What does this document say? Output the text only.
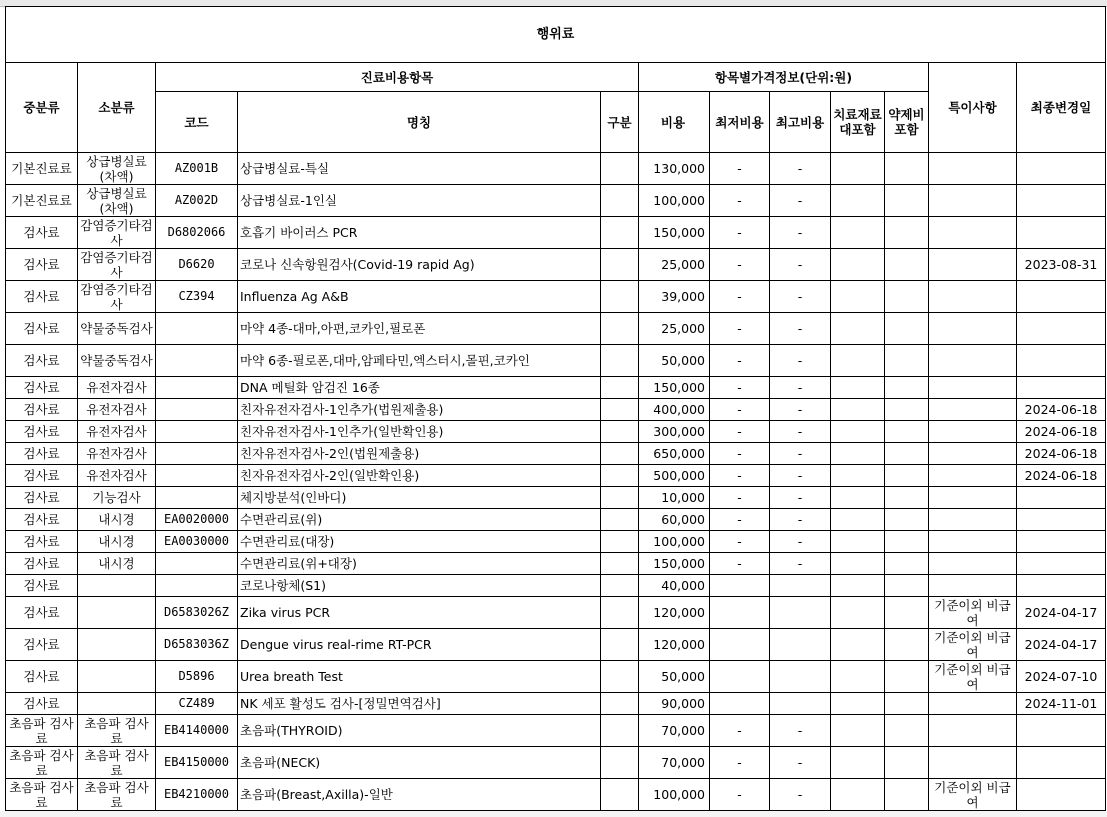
행위료											
중분류	소분류	진료비용항목			항목별가격정보(단위:원)					특이사항	최종변경일
		코드	명칭	구분	비용	최저비용	최고비용	치료재료대포함	약제비포함		
기본진료료	상급병실료(차액)	AZ001B	상급병실료-특실		130,000	-	-				
기본진료료	상급병실료(차액)	AZ002D	상급병실료-1인실		100,000	-	-				
검사료	감염증기타검사	D6802066	호흡기 바이러스 PCR		150,000	-	-				
검사료	감염증기타검사	D6620	코로나 신속항원검사(Covid-19 rapid Ag)		25,000	-	-				2023-08-31
검사료	감염증기타검사	CZ394	Influenza Ag A&B		39,000	-	-				
검사료	약물중독검사		마약 4종-대마,아편,코카인,필로폰		25,000	-	-				
검사료	약물중독검사		마약 6종-필로폰,대마,암페타민,엑스터시,몰핀,코카인		50,000	-	-				
검사료	유전자검사		DNA 메틸화 암검진 16종		150,000	-	-				
검사료	유전자검사		친자유전자검사-1인추가(법원제출용)		400,000	-	-				2024-06-18
검사료	유전자검사		친자유전자검사-1인추가(일반확인용)		300,000	-	-				2024-06-18
검사료	유전자검사		친자유전자검사-2인(법원제출용)		650,000	-	-				2024-06-18
검사료	유전자검사		친자유전자검사-2인(일반확인용)		500,000	-	-				2024-06-18
검사료	기능검사		체지방분석(인바디)		10,000	-	-				
검사료	내시경	EA0020000	수면관리료(위)		60,000	-	-				
검사료	내시경	EA0030000	수면관리료(대장)		100,000	-	-				
검사료	내시경		수면관리료(위+대장)		150,000	-	-				
검사료			코로나항체(S1)		40,000						
검사료		D6583026Z	Zika virus PCR		120,000					기준이외 비급여	2024-04-17
검사료		D6583036Z	Dengue virus real-rime RT-PCR		120,000					기준이외 비급여	2024-04-17
검사료		D5896	Urea breath Test		50,000					기준이외 비급여	2024-07-10
검사료		CZ489	NK 세포 활성도 검사-[정밀면역검사]		90,000						2024-11-01
초음파 검사료	초음파 검사료	EB4140000	초음파(THYROID)		70,000	-	-				
초음파 검사료	초음파 검사료	EB4150000	초음파(NECK)		70,000	-	-				
초음파 검사료	초음파 검사료	EB4210000	초음파(Breast,Axilla)-일반		100,000	-	-			기준이외 비급여	
